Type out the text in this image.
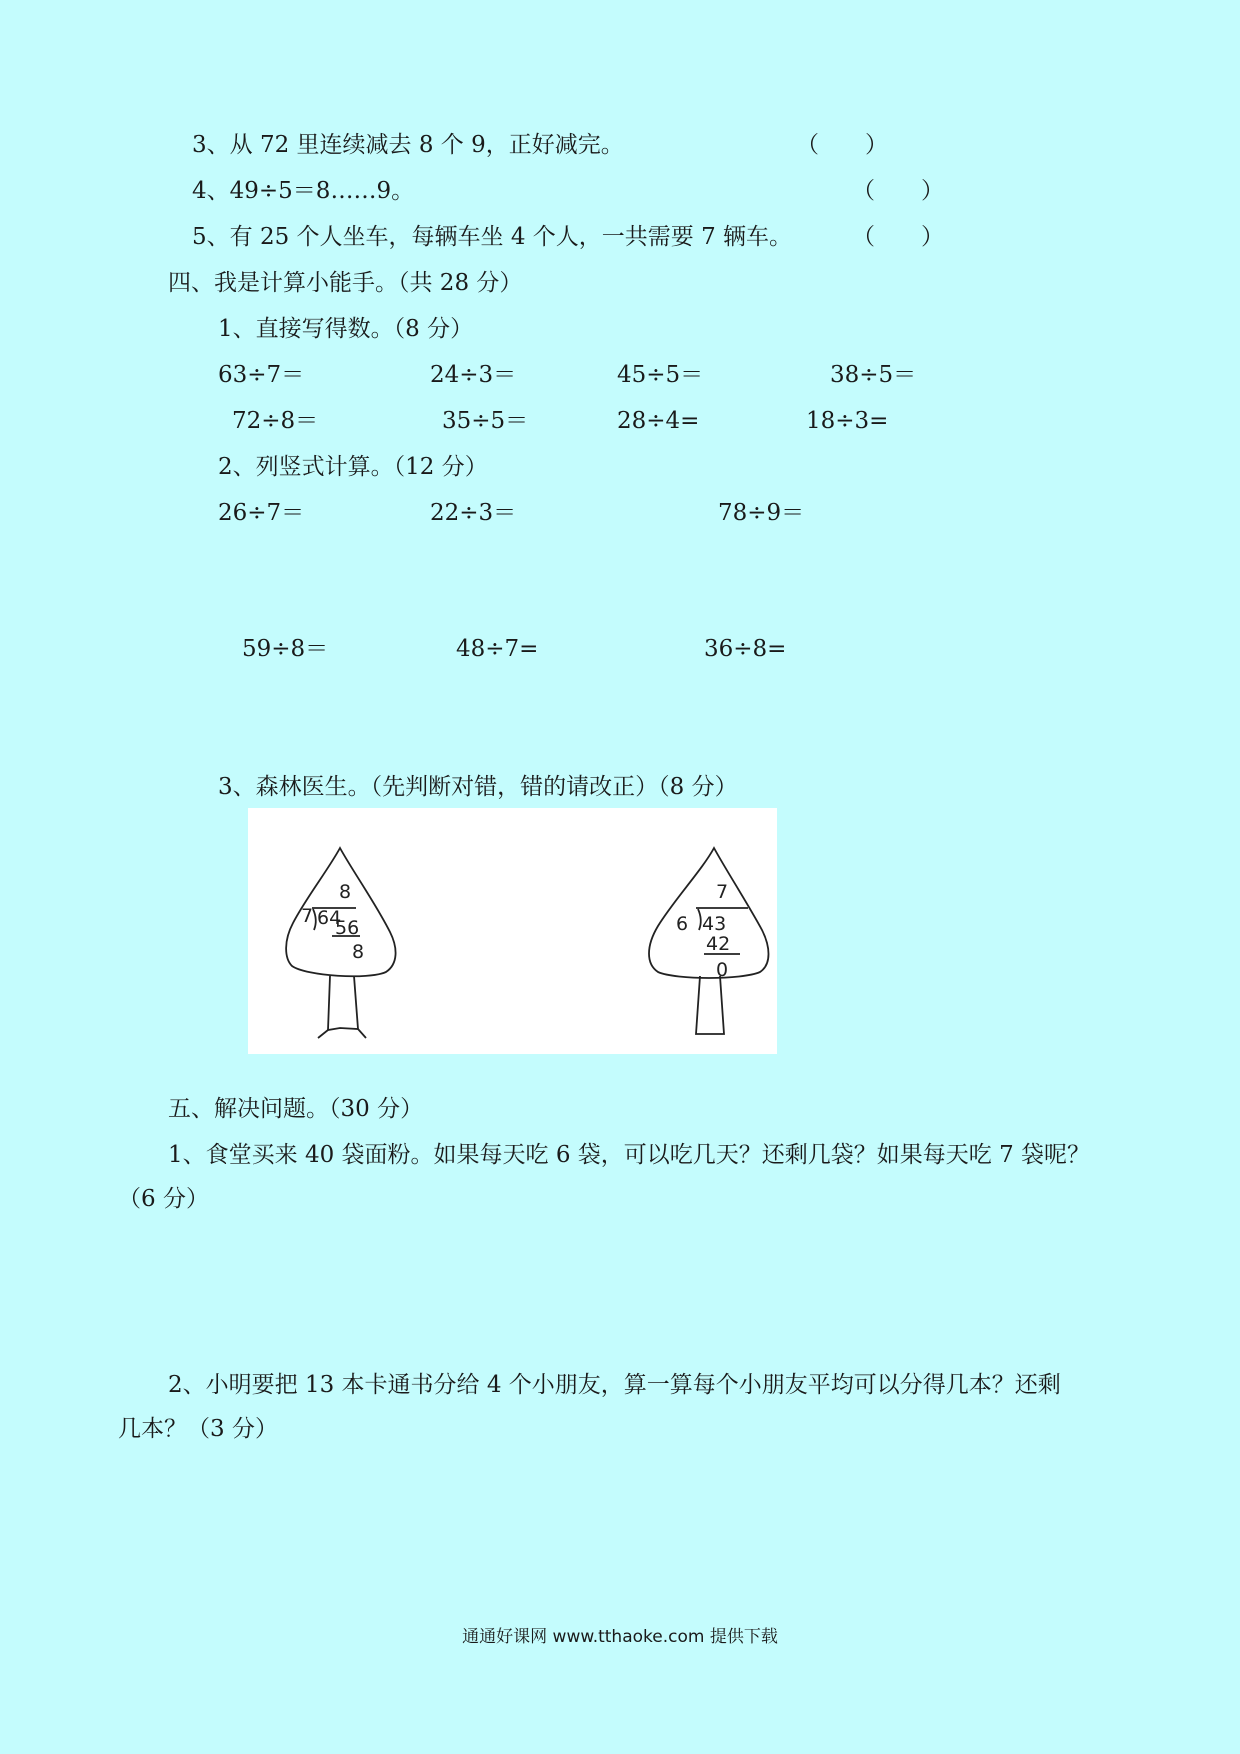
3、从 72 里连续减去 8 个 9，正好减完。	（　　）
4、49÷5＝8……9。	（　　）
5、有 25 个人坐车，每辆车坐 4 个人，一共需要 7 辆车。	（　　）
四、我是计算小能手。（共 28 分）
1、直接写得数。（8 分）
63÷7＝	24÷3＝	45÷5＝	38÷5＝
72÷8＝	35÷5＝	28÷4=	18÷3=
2、列竖式计算。（12 分）
26÷7＝	22÷3＝	78÷9＝
59÷8＝	48÷7=	36÷8=
3、森林医生。（先判断对错，错的请改正）（8 分）
8
7 64
56
8
7
6 43
42
0
五、解决问题。（30 分）
1、食堂买来 40 袋面粉。如果每天吃 6 袋，可以吃几天？还剩几袋？如果每天吃 7 袋呢？
（6 分）
2、小明要把 13 本卡通书分给 4 个小朋友，算一算每个小朋友平均可以分得几本？还剩
几本？（3 分）
通通好课网 www.tthaoke.com 提供下载
